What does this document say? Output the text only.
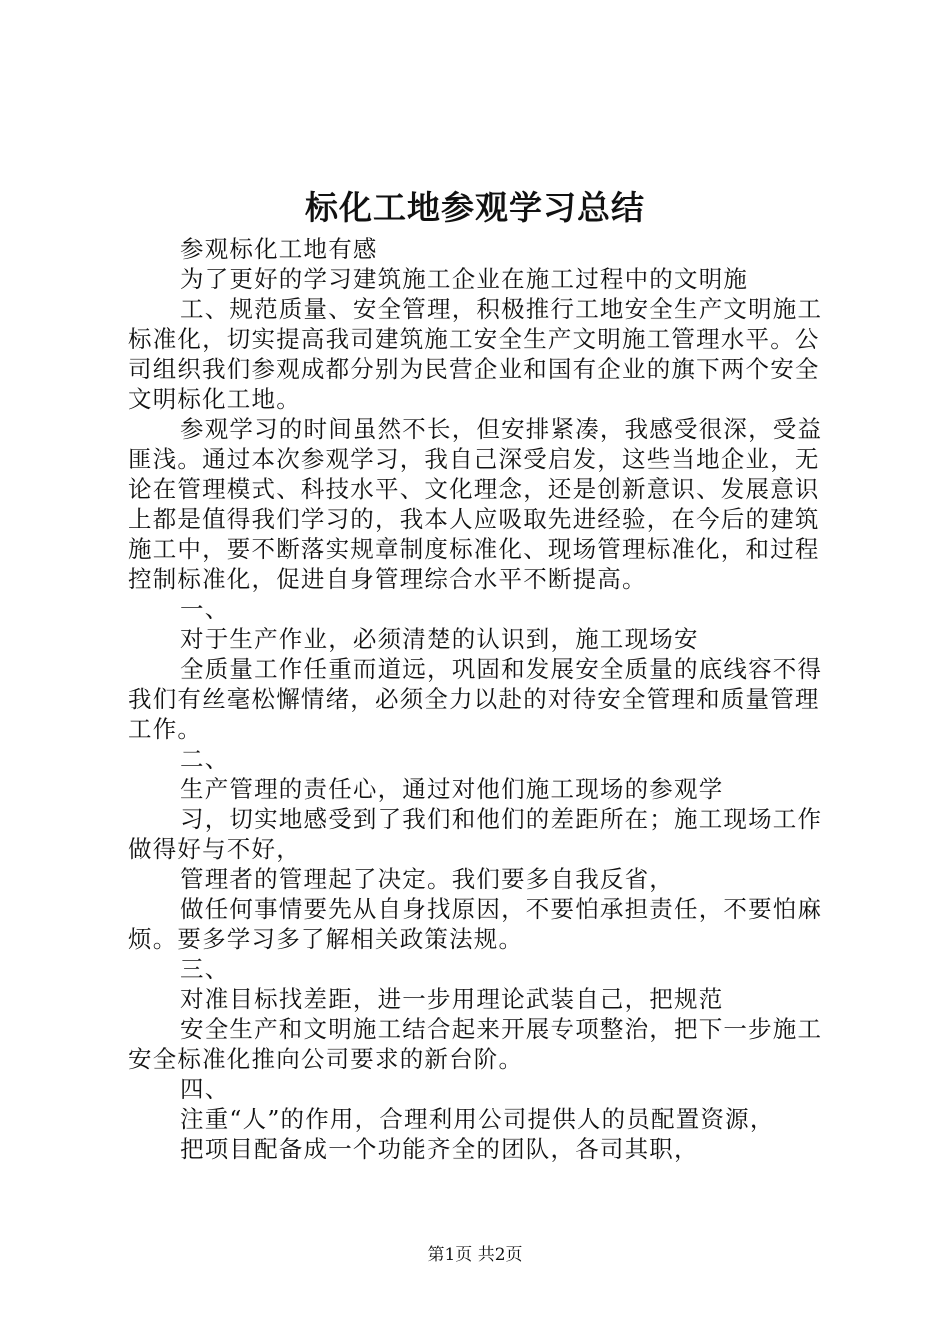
标化工地参观学习总结

参观标化工地有感

为了更好的学习建筑施工企业在施工过程中的文明施

工、规范质量、安全管理，积极推行工地安全生产文明施工标准化，切实提高我司建筑施工安全生产文明施工管理水平。公司组织我们参观成都分别为民营企业和国有企业的旗下两个安全文明标化工地。

参观学习的时间虽然不长，但安排紧凑，我感受很深，受益匪浅。通过本次参观学习，我自己深受启发，这些当地企业，无论在管理模式、科技水平、文化理念，还是创新意识、发展意识上都是值得我们学习的，我本人应吸取先进经验，在今后的建筑施工中，要不断落实规章制度标准化、现场管理标准化，和过程控制标准化，促进自身管理综合水平不断提高。

一、

对于生产作业，必须清楚的认识到，施工现场安

全质量工作任重而道远，巩固和发展安全质量的底线容不得我们有丝毫松懈情绪，必须全力以赴的对待安全管理和质量管理工作。

二、

生产管理的责任心，通过对他们施工现场的参观学

习，切实地感受到了我们和他们的差距所在；施工现场工作做得好与不好，

管理者的管理起了决定。我们要多自我反省，

做任何事情要先从自身找原因，不要怕承担责任，不要怕麻烦。要多学习多了解相关政策法规。

三、

对准目标找差距，进一步用理论武装自己，把规范

安全生产和文明施工结合起来开展专项整治，把下一步施工安全标准化推向公司要求的新台阶。

四、

注重“人”的作用，合理利用公司提供人的员配置资源，

把项目配备成一个功能齐全的团队，各司其职，

第1页 共2页
